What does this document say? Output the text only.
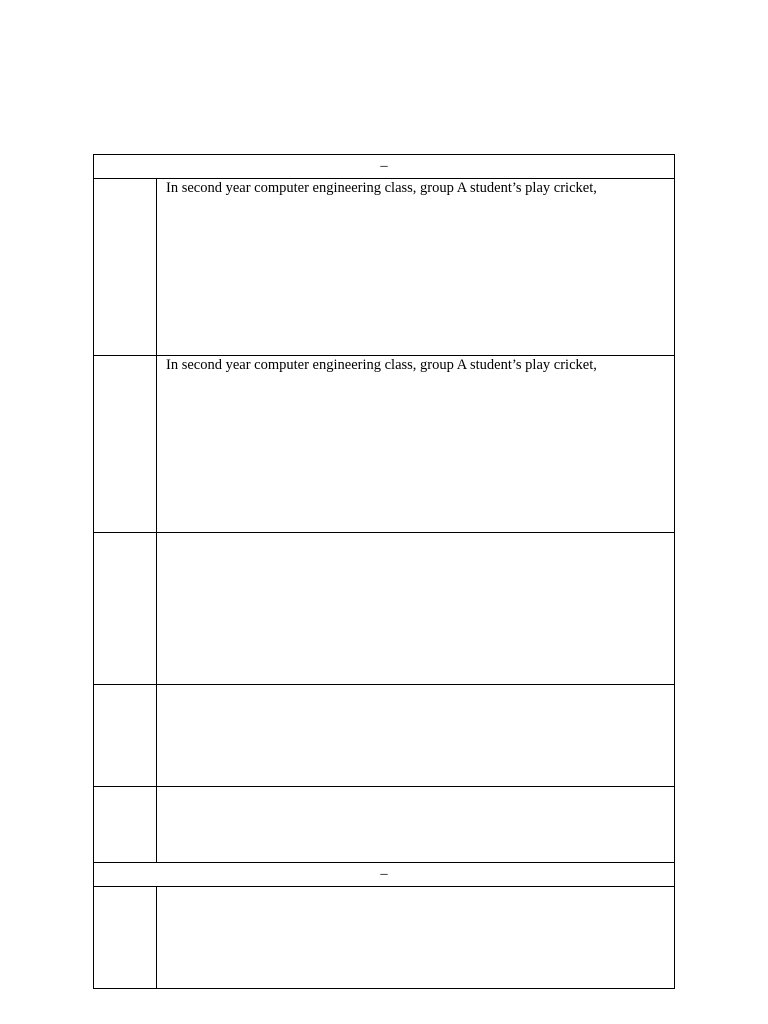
–	

	In second year computer engineering class, group A student’s play cricket,

	In second year computer engineering class, group A student’s play cricket,

–	
